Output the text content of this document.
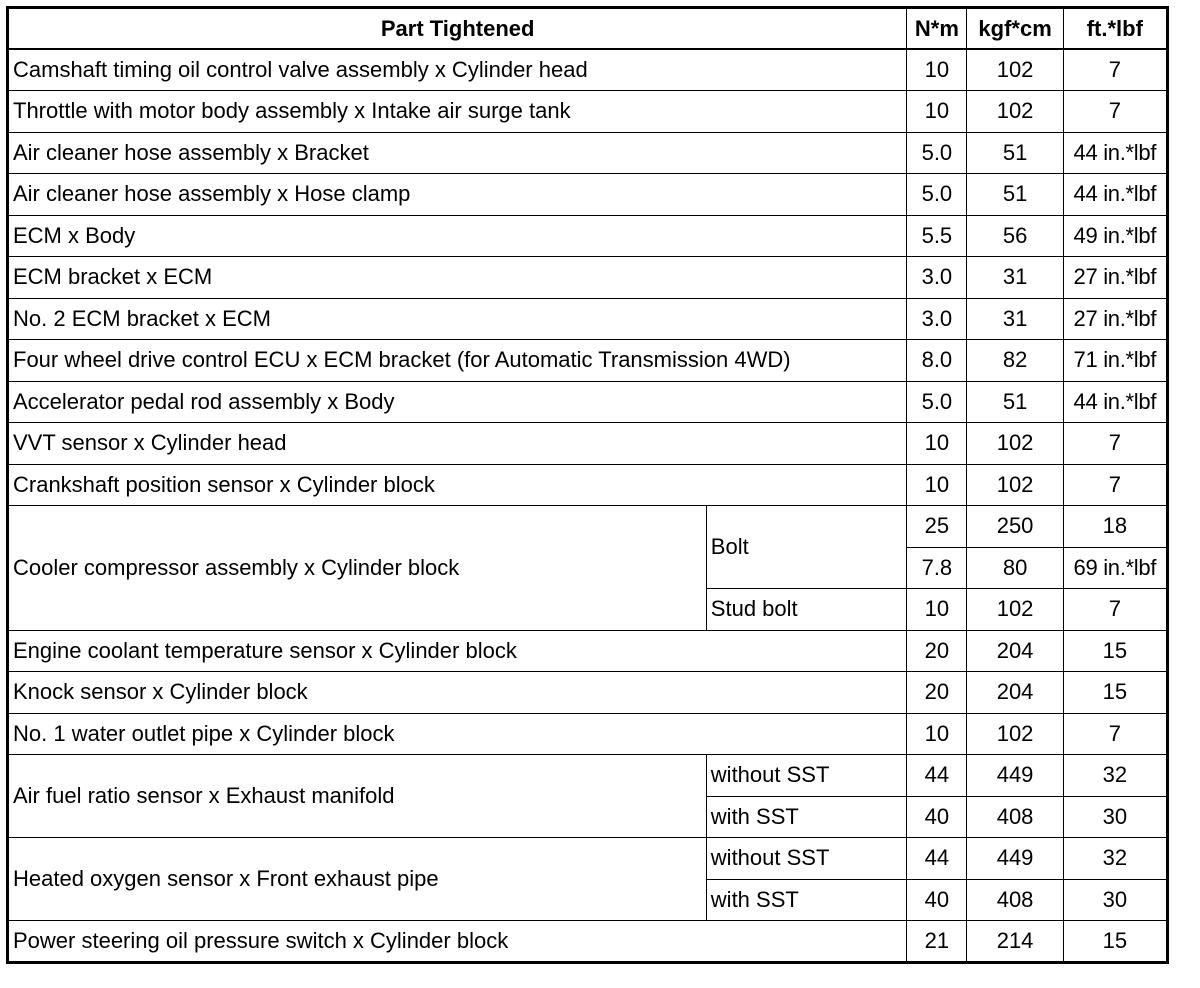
Part Tightened		N*m	kgf*cm	ft.*lbf
Camshaft timing oil control valve assembly x Cylinder head		10	102	7
Throttle with motor body assembly x Intake air surge tank		10	102	7
Air cleaner hose assembly x Bracket		5.0	51	44 in.*lbf
Air cleaner hose assembly x Hose clamp		5.0	51	44 in.*lbf
ECM x Body		5.5	56	49 in.*lbf
ECM bracket x ECM		3.0	31	27 in.*lbf
No. 2 ECM bracket x ECM		3.0	31	27 in.*lbf
Four wheel drive control ECU x ECM bracket (for Automatic Transmission 4WD)		8.0	82	71 in.*lbf
Accelerator pedal rod assembly x Body		5.0	51	44 in.*lbf
VVT sensor x Cylinder head		10	102	7
Crankshaft position sensor x Cylinder block		10	102	7
Cooler compressor assembly x Cylinder block	Bolt	25	250	18
		7.8	80	69 in.*lbf
	Stud bolt	10	102	7
Engine coolant temperature sensor x Cylinder block		20	204	15
Knock sensor x Cylinder block		20	204	15
No. 1 water outlet pipe x Cylinder block		10	102	7
Air fuel ratio sensor x Exhaust manifold	without SST	44	449	32
	with SST	40	408	30
Heated oxygen sensor x Front exhaust pipe	without SST	44	449	32
	with SST	40	408	30
Power steering oil pressure switch x Cylinder block		21	214	15
